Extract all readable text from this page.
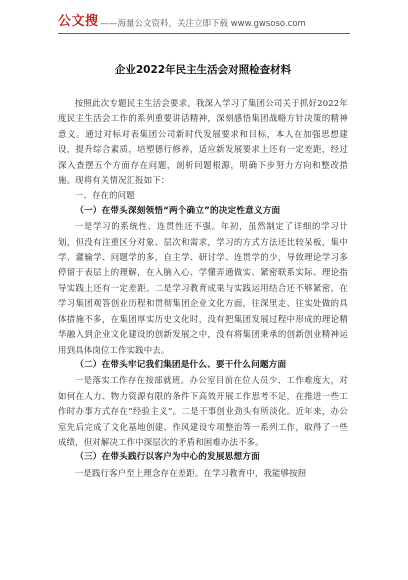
公文搜 ——海量公文资料，关注立即下载 www.gwsoso.com
企业2022年民主生活会对照检查材料

按照此次专题民主生活会要求，我深入学习了集团公司关于抓好2022年度民主生活会工作的系列重要讲话精神，深刻感悟集团战略方针决策的精神意义。通过对标对表集团公司新时代发展要求和目标，本人在加强思想建设，提升综合素质，培塑德行修养，适应新发展要求上还有一定差距，经过深入查摆五个方面存在问题，剖析问题根源，明确下步努力方向和整改措施。现将有关情况汇报如下：

一、存在的问题

（一）在带头深刻领悟“两个确立”的决定性意义方面

一是学习的系统性、连贯性还不强。年初，虽然制定了详细的学习计划，但没有注重区分对象、层次和需求，学习的方式方法还比较呆板，集中学、灌输学、问题学的多，自主学、研讨学、连贯学的少，导致理论学习多停留于表层上的理解，在入脑入心、学懂弄通做实、紧密联系实际、理论指导实践上还有一定差距。二是学习教育成果与实践运用结合还不够紧密。在学习集团观答创业历程和贯彻集团企业文化方面，往深里走、往实处做的具体措施不多，在集团厚实历史文化时，没有把集团发展过程中形成的理论精华融入到企业文化建设的创新发展之中，没有将集团秉承的创新创业精神运用到具体岗位工作实践中去。

（二）在带头牢记我们集团是什么、要干什么问题方面

一是落实工作存在按部就班。办公室目前在位人员少、工作难度大，对如何在人力、物力资源有限的条件下高效开展工作思考不足，在推进一些工作时办事方式存在“经验主义”。二是干事创业劲头有所淡化。近年来，办公室先后完成了文化基地创建、作风建设专项整治等一系列工作，取得了一些成绩，但对解决工作中深层次的矛盾和困难办法不多。

（三）在带头践行以客户为中心的发展思想方面

一是践行客户至上理念存在差距。在学习教育中，我能够按照
